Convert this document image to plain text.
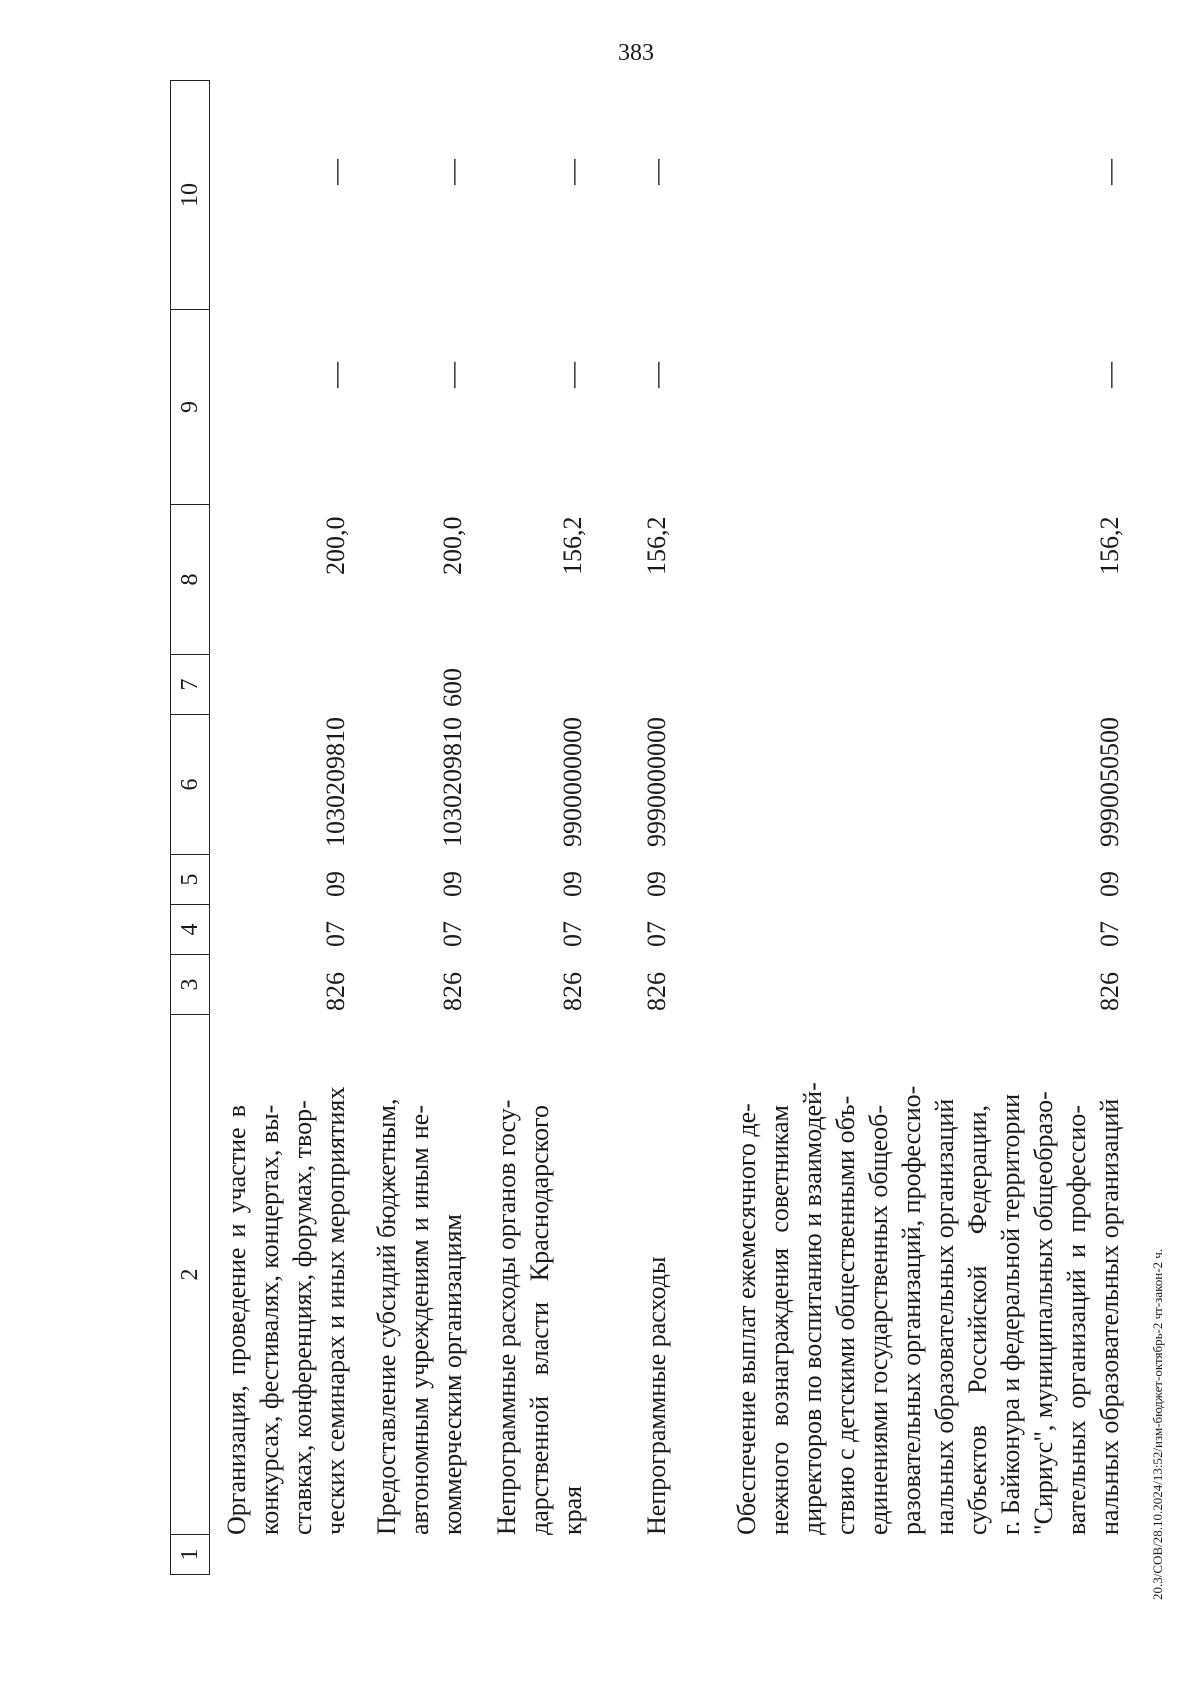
383
20.3/СОВ/28.10.2024/13:52/изм-бюджет-октябрь-2 чт-закон-2 ч.
1
2
3
4
5
6
7
8
9
10
Организация, проведение и участие в конкурсах, фестивалях, концертах, вы- ставках, конференциях, форумах, твор- ческих семинарах и иных мероприятиях
826
07
09
1030209810
200,0
—
—
Предоставление субсидий бюджетным, автономным учреждениям и иным не- коммерческим организациям
826
07
09
1030209810
600
200,0
—
—
Непрограммные расходы органов госу- дарственной власти Краснодарского края
826
07
09
9900000000
156,2
—
—
Непрограммные расходы
826
07
09
9990000000
156,2
—
—
Обеспечение выплат ежемесячного де- нежного вознаграждения советникам директоров по воспитанию и взаимодей- ствию с детскими общественными объ- единениями государственных общеоб- разовательных организаций, профессио- нальных образовательных организаций субъектов Российской Федерации, г. Байконура и федеральной территории "Сириус", муниципальных общеобразо- вательных организаций и профессио- нальных образовательных организаций
826
07
09
9990050500
156,2
—
—
